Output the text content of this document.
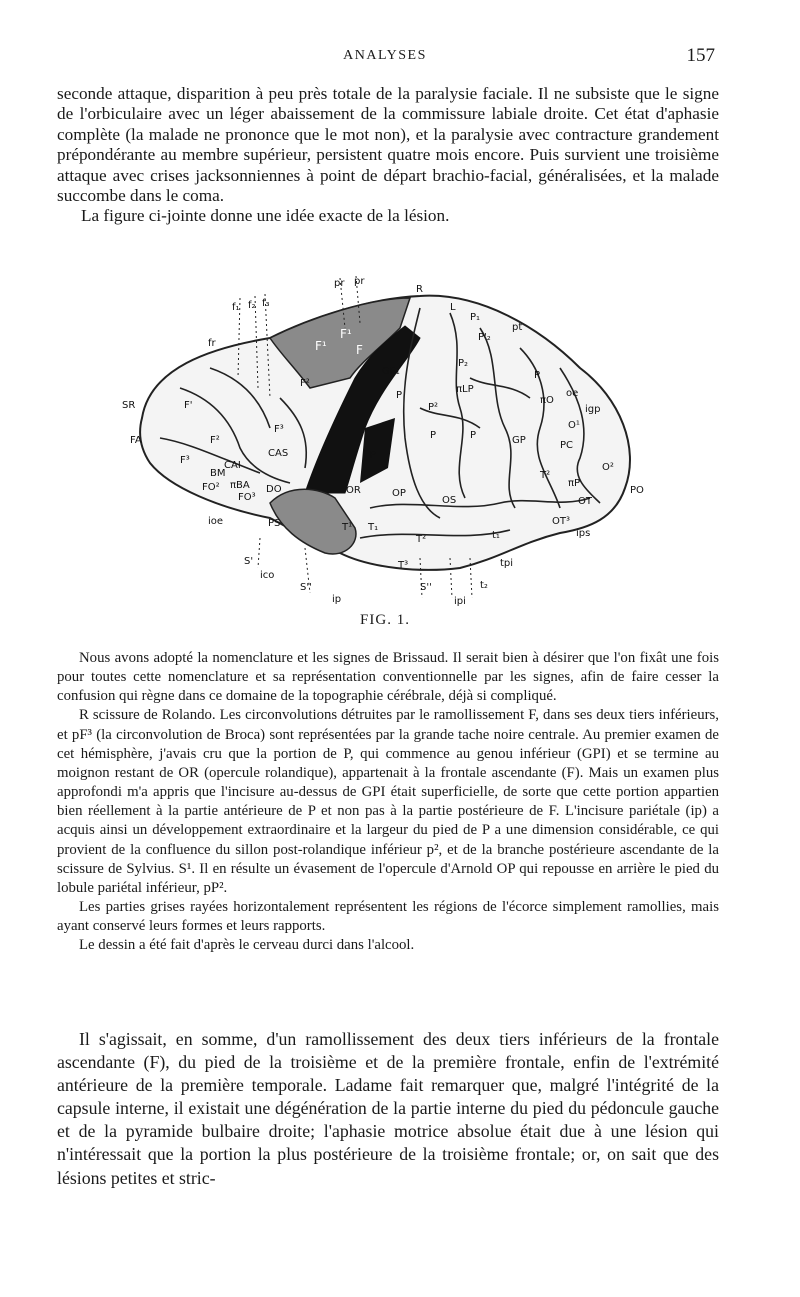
ANALYSES	157

seconde attaque, disparition à peu près totale de la paralysie faciale. Il ne subsiste que le signe de l'orbiculaire avec un léger abaissement de la commissure labiale droite. Cet état d'aphasie complète (la malade ne prononce que le mot non), et la paralysie avec contracture grandement prépondérante au membre supérieur, persistent quatre mois encore. Puis survient une troisième attaque avec crises jacksonniennes à point de départ brachio-facial, généralisées, et la malade succombe dans le coma.

La figure ci-jointe donne une idée exacte de la lésion.

R
L
P₁
pt
P'₂
GP₁
P₂
πLP
P
P²
P	P	GP
P
πO
oe
igp
O¹
PC
O²
T²
πP
OT
PO
OT³
ips
OR	OP
OS
T¹ T₁
T²
T³
P
F¹
F¹ F
F²
F³
F'
F²
F³
CAS
CAI
BM
πBA
FO²
FO³
DO
PS
SR
FA
fr
f₁ f₂ f₃
pr pr
ioe
S'
ico
S''
ip
S''
ipi
t₁
tpi
t₂
FIG. 1.

Nous avons adopté la nomenclature et les signes de Brissaud. Il serait bien à désirer que l'on fixât une fois pour toutes cette nomenclature et sa représentation conventionnelle par les signes, afin de faire cesser la confusion qui règne dans ce domaine de la topographie cérébrale, déjà si compliqué.

R scissure de Rolando. Les circonvolutions détruites par le ramollissement F, dans ses deux tiers inférieurs, et pF³ (la circonvolution de Broca) sont représentées par la grande tache noire centrale. Au premier examen de cet hémisphère, j'avais cru que la portion de P, qui commence au genou inférieur (GPI) et se termine au moignon restant de OR (opercule rolandique), appartenait à la frontale ascendante (F). Mais un examen plus approfondi m'a appris que l'incisure au-dessus de GPI était superficielle, de sorte que cette portion appartien bien réellement à la partie antérieure de P et non pas à la partie postérieure de F. L'incisure pariétale (ip) a acquis ainsi un développement extraordinaire et la largeur du pied de P a une dimension considérable, ce qui provient de la confluence du sillon post-rolandique inférieur p², et de la branche postérieure ascendante de la scissure de Sylvius. S¹. Il en résulte un évasement de l'opercule d'Arnold OP qui repousse en arrière le pied du lobule pariétal inférieur, pP².

Les parties grises rayées horizontalement représentent les régions de l'écorce simplement ramollies, mais ayant conservé leurs formes et leurs rapports.

Le dessin a été fait d'après le cerveau durci dans l'alcool.

Il s'agissait, en somme, d'un ramollissement des deux tiers inférieurs de la frontale ascendante (F), du pied de la troisième et de la première frontale, enfin de l'extrémité antérieure de la première temporale. Ladame fait remarquer que, malgré l'intégrité de la capsule interne, il existait une dégénération de la partie interne du pied du pédoncule gauche et de la pyramide bulbaire droite; l'aphasie motrice absolue était due à une lésion qui n'intéressait que la portion la plus postérieure de la troisième frontale; or, on sait que des lésions petites et stric-
